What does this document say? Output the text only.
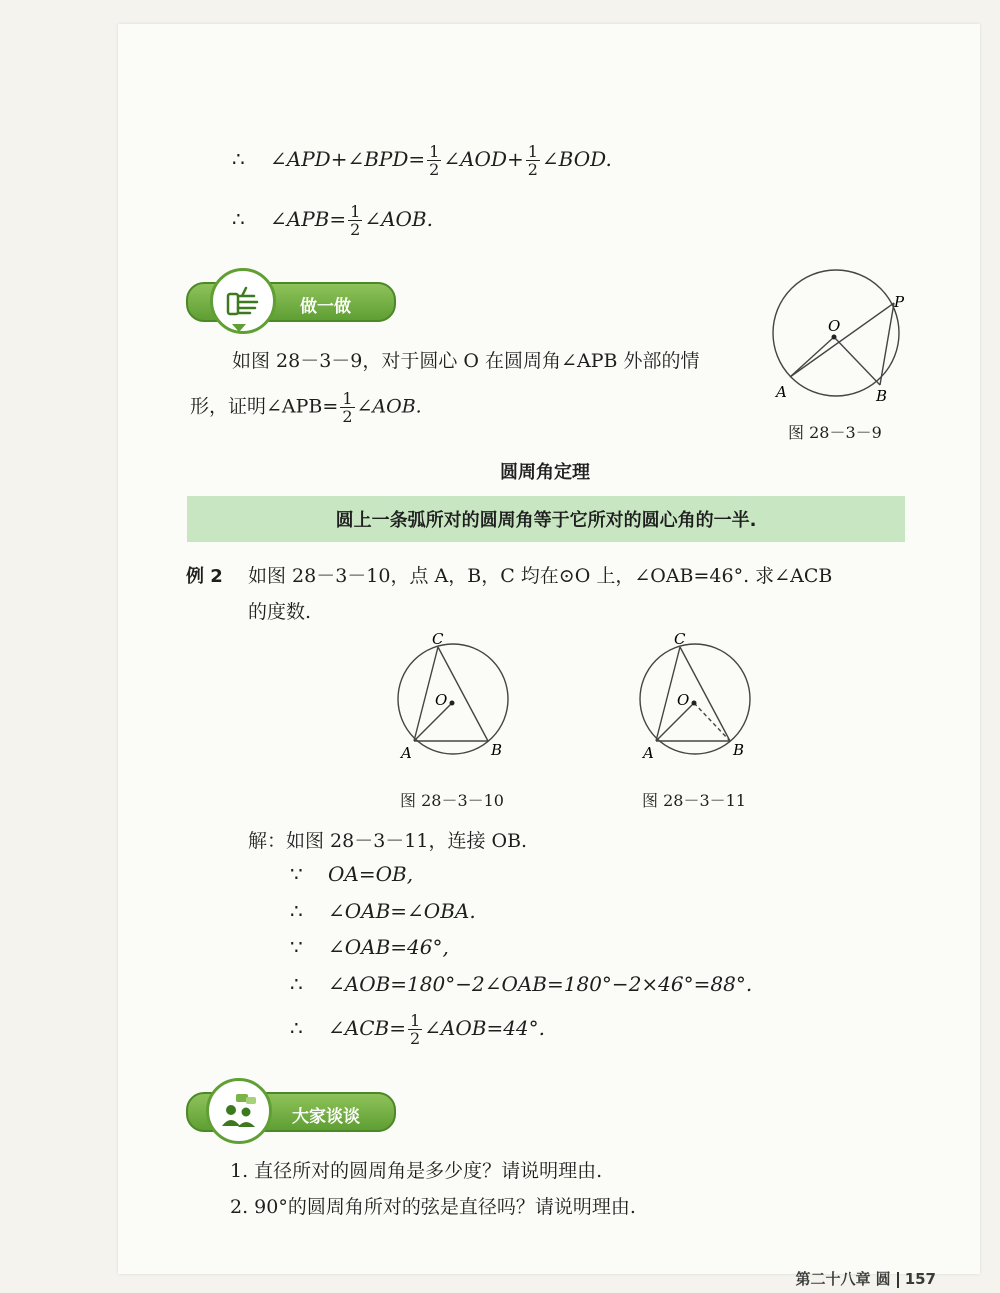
∴ ∠APD+∠BPD= $\frac{1}{2}$ ∠AOD+ $\frac{1}{2}$ ∠BOD.
∴ ∠APB= $\frac{1}{2}$ ∠AOB.
做一做
如图 28－3－9，对于圆心 O 在圆周角∠APB 外部的情
形，证明∠APB= $\frac{1}{2}$ ∠AOB.
O
P
A	B
图 28－3－9
圆周角定理
圆上一条弧所对的圆周角等于它所对的圆心角的一半.
例 2 如图 28－3－10，点 A，B，C 均在⊙O 上，∠OAB=46°. 求∠ACB
的度数.
C
O
A	B
图 28－3－10
C
O
A	B
图 28－3－11
解：如图 28－3－11，连接 OB.
∵ OA=OB,
∴ ∠OAB=∠OBA.
∵ ∠OAB=46°,
∴ ∠AOB=180°−2∠OAB=180°−2×46°=88°.
∴ ∠ACB= $\frac{1}{2}$ ∠AOB=44°.
大家谈谈
1. 直径所对的圆周角是多少度？请说明理由.
2. 90°的圆周角所对的弦是直径吗？请说明理由.
第二十八章 圆 157
